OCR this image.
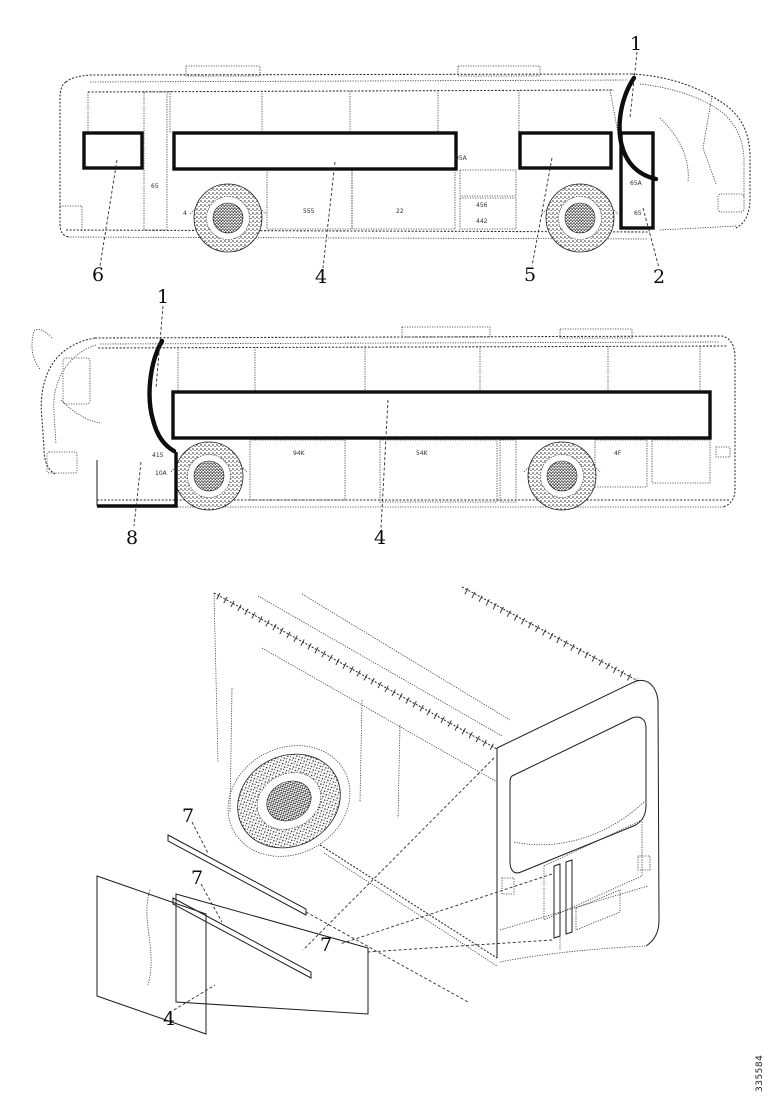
65
555	22
05A
456
442
65A
65
4
1
6	4	5	2
415
10A
94K	54K	4F
1
8	4
7
7
7
4
335584
